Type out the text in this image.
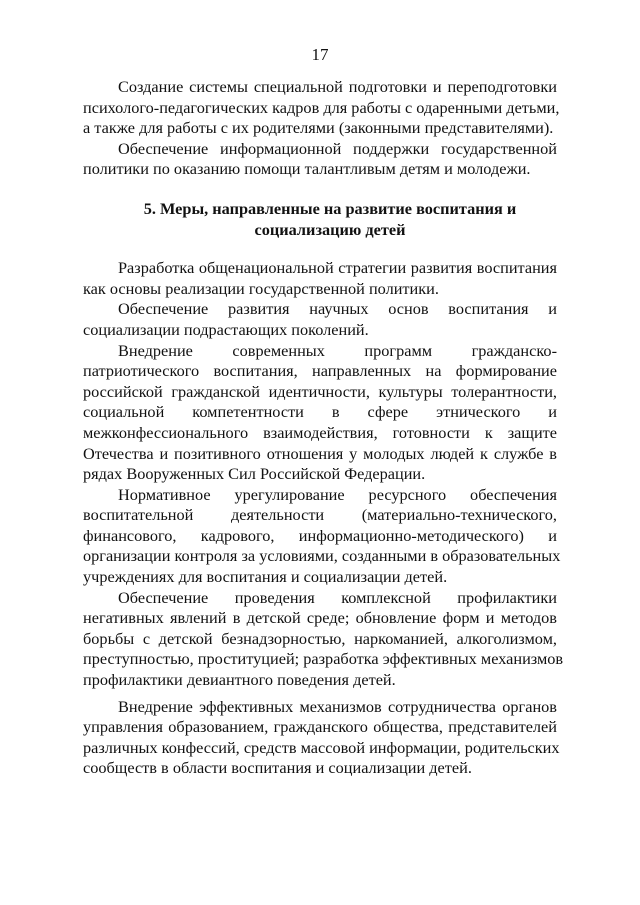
17
Создание системы специальной подготовки и переподготовки
психолого-педагогических кадров для работы с одаренными детьми,
а также для работы с их родителями (законными представителями).
Обеспечение информационной поддержки государственной
политики по оказанию помощи талантливым детям и молодежи.
5. Меры, направленные на развитие воспитания и
социализацию детей
Разработка общенациональной стратегии развития воспитания
как основы реализации государственной политики.
Обеспечение развития научных основ воспитания и
социализации подрастающих поколений.
Внедрение современных программ гражданско-
патриотического воспитания, направленных на формирование
российской гражданской идентичности, культуры толерантности,
социальной компетентности в сфере этнического и
межконфессионального взаимодействия, готовности к защите
Отечества и позитивного отношения у молодых людей к службе в
рядах Вооруженных Сил Российской Федерации.
Нормативное урегулирование ресурсного обеспечения
воспитательной деятельности (материально-технического,
финансового, кадрового, информационно-методического) и
организации контроля за условиями, созданными в образовательных
учреждениях для воспитания и социализации детей.
Обеспечение проведения комплексной профилактики
негативных явлений в детской среде; обновление форм и методов
борьбы с детской безнадзорностью, наркоманией, алкоголизмом,
преступностью, проституцией; разработка эффективных механизмов
профилактики девиантного поведения детей.
Внедрение эффективных механизмов сотрудничества органов
управления образованием, гражданского общества, представителей
различных конфессий, средств массовой информации, родительских
сообществ в области воспитания и социализации детей.
